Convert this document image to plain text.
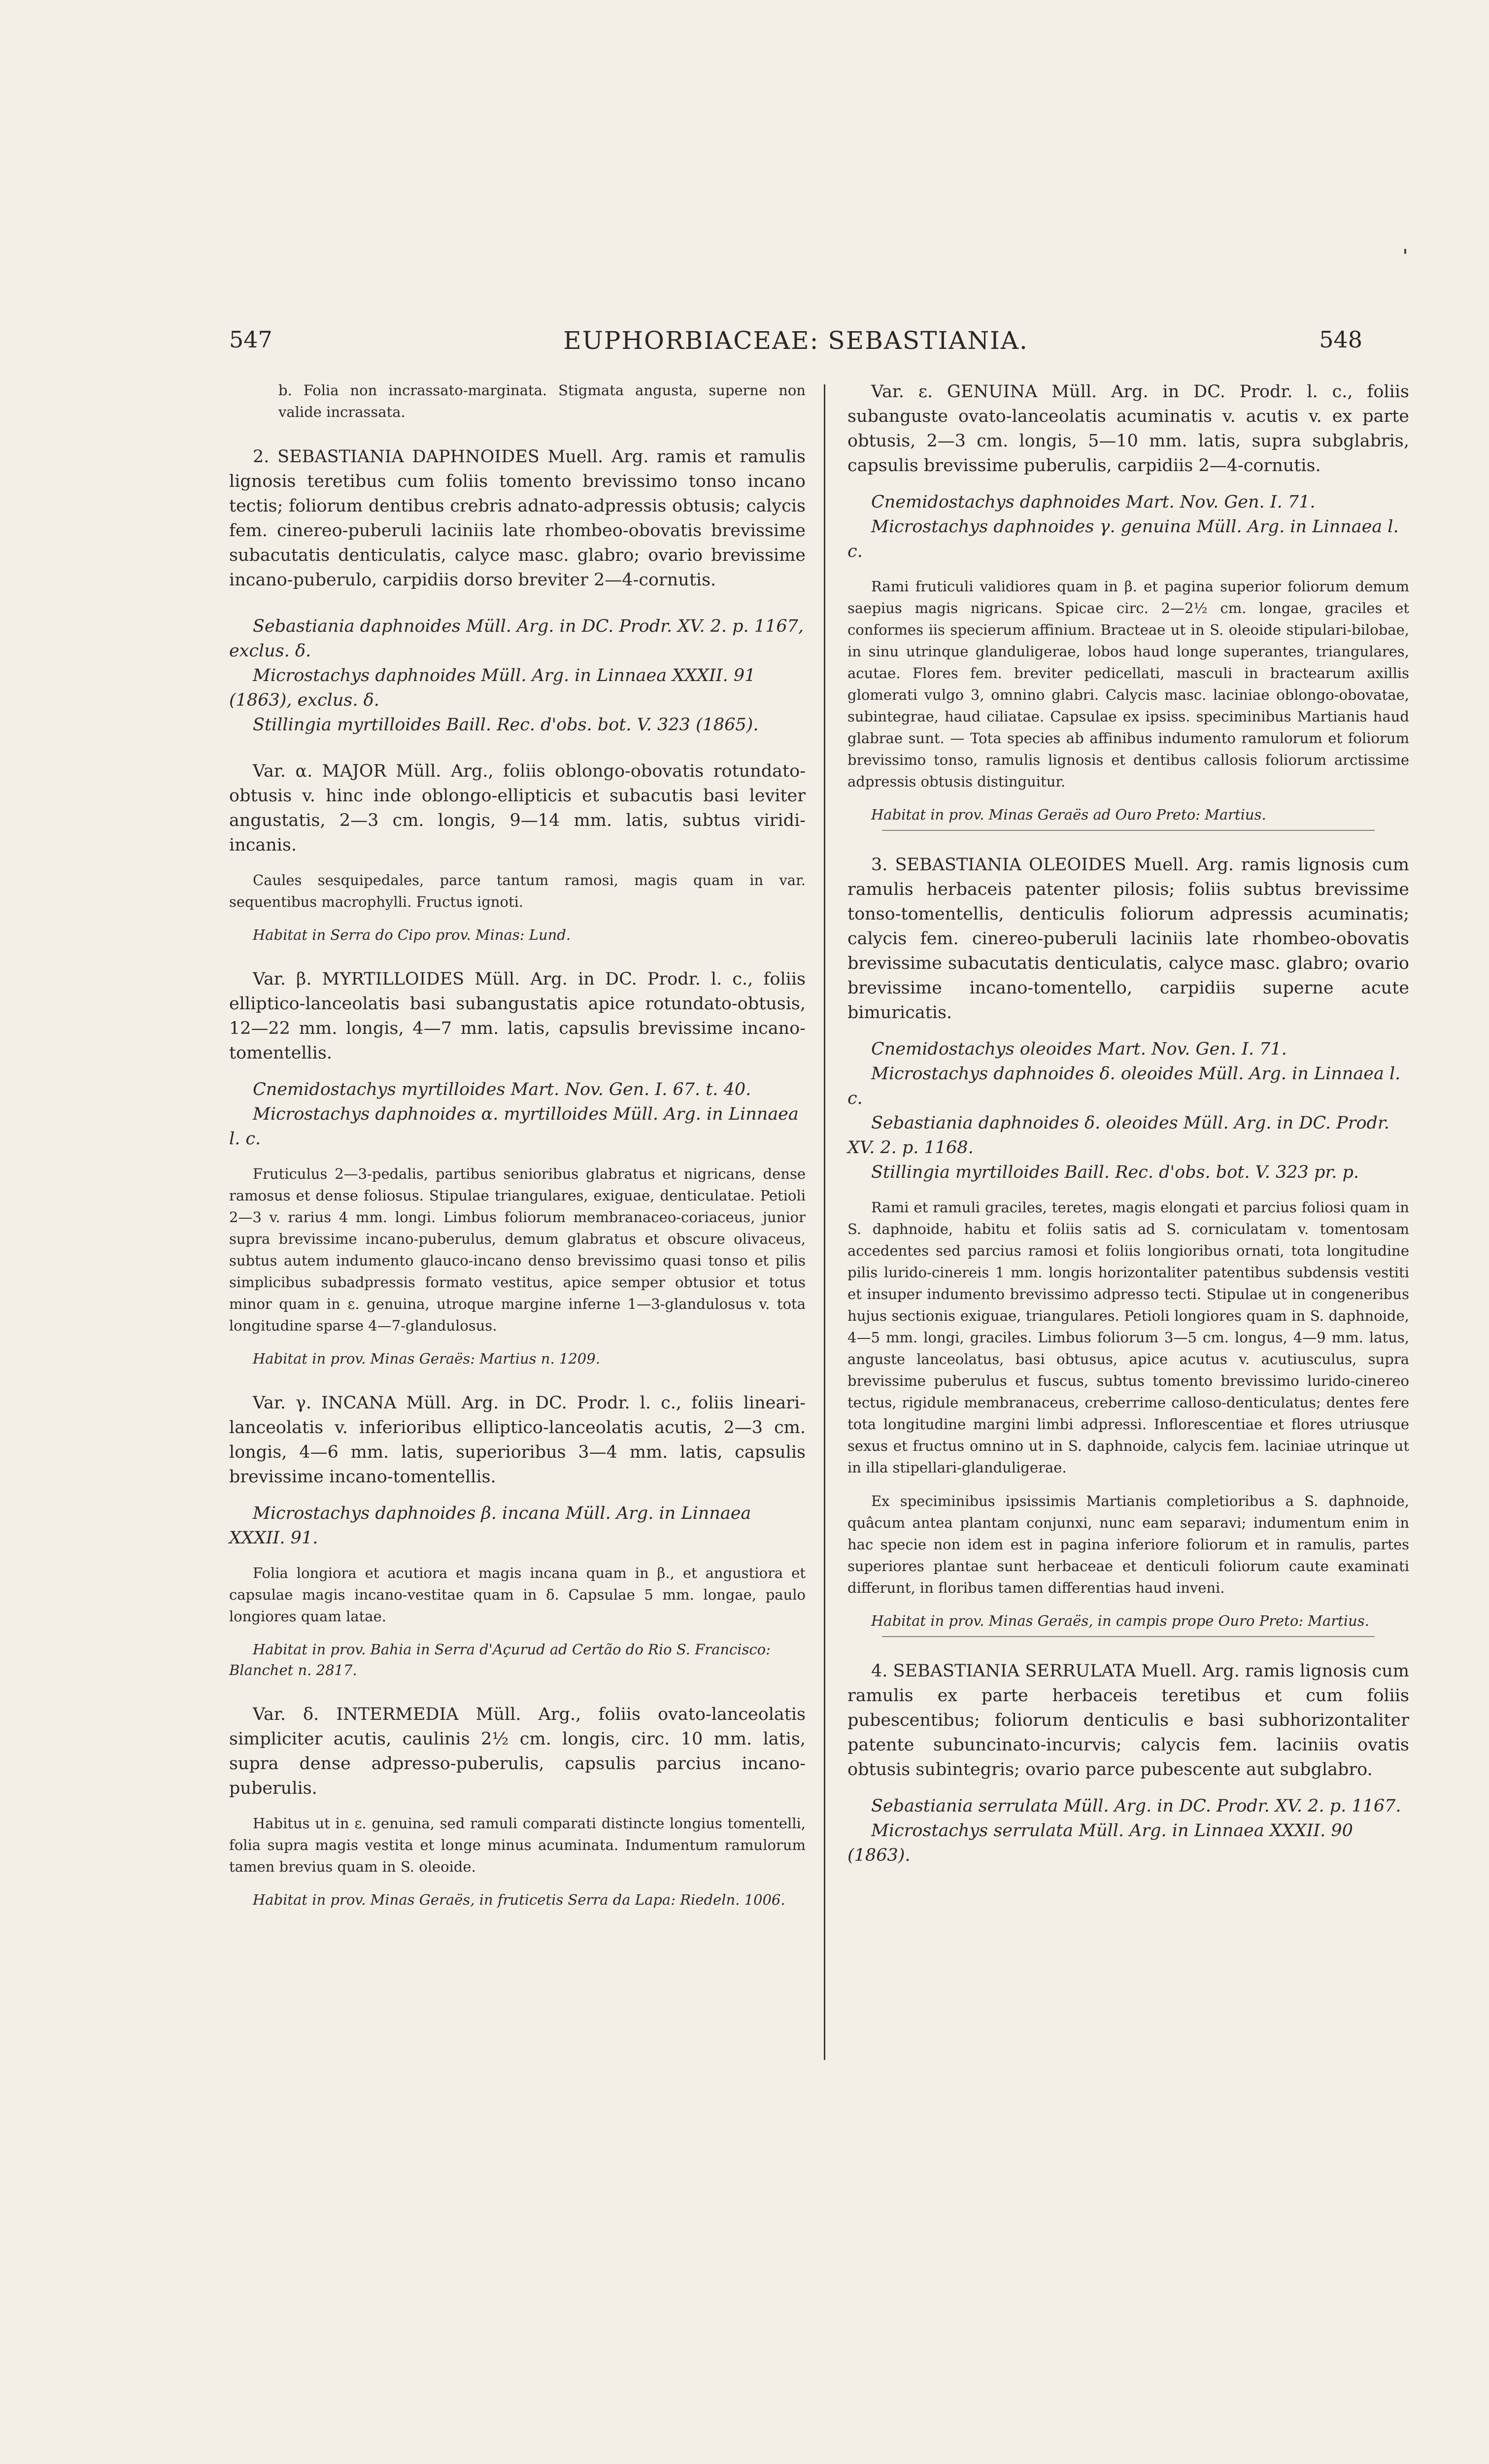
547	EUPHORBIACEAE: SEBASTIANIA.	548

b. Folia non incrassato-marginata. Stigmata angusta, superne non valide incrassata.

2. SEBASTIANIA DAPHNOIDES Muell. Arg. ramis et ramulis lignosis teretibus cum foliis tomento brevissimo tonso incano tectis; foliorum dentibus crebris adnato-adpressis obtusis; calycis fem. cinereo-puberuli laciniis late rhombeo-obovatis brevissime subacutatis denticulatis, calyce masc. glabro; ovario brevissime incano-puberulo, carpidiis dorso breviter 2—4-cornutis.

Sebastiania daphnoides Müll. Arg. in DC. Prodr. XV. 2. p. 1167, exclus. δ.

Microstachys daphnoides Müll. Arg. in Linnaea XXXII. 91 (1863), exclus. δ.

Stillingia myrtilloides Baill. Rec. d'obs. bot. V. 323 (1865).

Var. α. MAJOR Müll. Arg., foliis oblongo-obovatis rotundato-obtusis v. hinc inde oblongo-ellipticis et subacutis basi leviter angustatis, 2—3 cm. longis, 9—14 mm. latis, subtus viridi-incanis.

Caules sesquipedales, parce tantum ramosi, magis quam in var. sequentibus macrophylli. Fructus ignoti.

Habitat in Serra do Cipo prov. Minas: Lund.

Var. β. MYRTILLOIDES Müll. Arg. in DC. Prodr. l. c., foliis elliptico-lanceolatis basi subangustatis apice rotundato-obtusis, 12—22 mm. longis, 4—7 mm. latis, capsulis brevissime incano-tomentellis.

Cnemidostachys myrtilloides Mart. Nov. Gen. I. 67. t. 40.

Microstachys daphnoides α. myrtilloides Müll. Arg. in Linnaea l. c.

Fruticulus 2—3-pedalis, partibus senioribus glabratus et nigricans, dense ramosus et dense foliosus. Stipulae triangulares, exiguae, denticulatae. Petioli 2—3 v. rarius 4 mm. longi. Limbus foliorum membranaceo-coriaceus, junior supra brevissime incano-puberulus, demum glabratus et obscure olivaceus, subtus autem indumento glauco-incano denso brevissimo quasi tonso et pilis simplicibus subadpressis formato vestitus, apice semper obtusior et totus minor quam in ε. genuina, utroque margine inferne 1—3-glandulosus v. tota longitudine sparse 4—7-glandulosus.

Habitat in prov. Minas Geraës: Martius n. 1209.

Var. γ. INCANA Müll. Arg. in DC. Prodr. l. c., foliis lineari-lanceolatis v. inferioribus elliptico-lanceolatis acutis, 2—3 cm. longis, 4—6 mm. latis, superioribus 3—4 mm. latis, capsulis brevissime incano-tomentellis.

Microstachys daphnoides β. incana Müll. Arg. in Linnaea XXXII. 91.

Folia longiora et acutiora et magis incana quam in β., et angustiora et capsulae magis incano-vestitae quam in δ. Capsulae 5 mm. longae, paulo longiores quam latae.

Habitat in prov. Bahia in Serra d'Açurud ad Certão do Rio S. Francisco: Blanchet n. 2817.

Var. δ. INTERMEDIA Müll. Arg., foliis ovato-lanceolatis simpliciter acutis, caulinis 2½ cm. longis, circ. 10 mm. latis, supra dense adpresso-puberulis, capsulis parcius incano-puberulis.

Habitus ut in ε. genuina, sed ramuli comparati distincte longius tomentelli, folia supra magis vestita et longe minus acuminata. Indumentum ramulorum tamen brevius quam in S. oleoide.

Habitat in prov. Minas Geraës, in fruticetis Serra da Lapa: Riedeln. 1006.

Var. ε. GENUINA Müll. Arg. in DC. Prodr. l. c., foliis subanguste ovato-lanceolatis acuminatis v. acutis v. ex parte obtusis, 2—3 cm. longis, 5—10 mm. latis, supra subglabris, capsulis brevissime puberulis, carpidiis 2—4-cornutis.

Cnemidostachys daphnoides Mart. Nov. Gen. I. 71.

Microstachys daphnoides γ. genuina Müll. Arg. in Linnaea l. c.

Rami fruticuli validiores quam in β. et pagina superior foliorum demum saepius magis nigricans. Spicae circ. 2—2½ cm. longae, graciles et conformes iis specierum affinium. Bracteae ut in S. oleoide stipulari-bilobae, in sinu utrinque glanduligerae, lobos haud longe superantes, triangulares, acutae. Flores fem. breviter pedicellati, masculi in bractearum axillis glomerati vulgo 3, omnino glabri. Calycis masc. laciniae oblongo-obovatae, subintegrae, haud ciliatae. Capsulae ex ipsiss. speciminibus Martianis haud glabrae sunt. — Tota species ab affinibus indumento ramulorum et foliorum brevissimo tonso, ramulis lignosis et dentibus callosis foliorum arctissime adpressis obtusis distinguitur.

Habitat in prov. Minas Geraës ad Ouro Preto: Martius.

3. SEBASTIANIA OLEOIDES Muell. Arg. ramis lignosis cum ramulis herbaceis patenter pilosis; foliis subtus brevissime tonso-tomentellis, denticulis foliorum adpressis acuminatis; calycis fem. cinereo-puberuli laciniis late rhombeo-obovatis brevissime subacutatis denticulatis, calyce masc. glabro; ovario brevissime incano-tomentello, carpidiis superne acute bimuricatis.

Cnemidostachys oleoides Mart. Nov. Gen. I. 71.

Microstachys daphnoides δ. oleoides Müll. Arg. in Linnaea l. c.

Sebastiania daphnoides δ. oleoides Müll. Arg. in DC. Prodr. XV. 2. p. 1168.

Stillingia myrtilloides Baill. Rec. d'obs. bot. V. 323 pr. p.

Rami et ramuli graciles, teretes, magis elongati et parcius foliosi quam in S. daphnoide, habitu et foliis satis ad S. corniculatam v. tomentosam accedentes sed parcius ramosi et foliis longioribus ornati, tota longitudine pilis lurido-cinereis 1 mm. longis horizontaliter patentibus subdensis vestiti et insuper indumento brevissimo adpresso tecti. Stipulae ut in congeneribus hujus sectionis exiguae, triangulares. Petioli longiores quam in S. daphnoide, 4—5 mm. longi, graciles. Limbus foliorum 3—5 cm. longus, 4—9 mm. latus, anguste lanceolatus, basi obtusus, apice acutus v. acutiusculus, supra brevissime puberulus et fuscus, subtus tomento brevissimo lurido-cinereo tectus, rigidule membranaceus, creberrime calloso-denticulatus; dentes fere tota longitudine margini limbi adpressi. Inflorescentiae et flores utriusque sexus et fructus omnino ut in S. daphnoide, calycis fem. laciniae utrinque ut in illa stipellari-glanduligerae.

Ex speciminibus ipsissimis Martianis completioribus a S. daphnoide, quâcum antea plantam conjunxi, nunc eam separavi; indumentum enim in hac specie non idem est in pagina inferiore foliorum et in ramulis, partes superiores plantae sunt herbaceae et denticuli foliorum caute examinati differunt, in floribus tamen differentias haud inveni.

Habitat in prov. Minas Geraës, in campis prope Ouro Preto: Martius.

4. SEBASTIANIA SERRULATA Muell. Arg. ramis lignosis cum ramulis ex parte herbaceis teretibus et cum foliis pubescentibus; foliorum denticulis e basi subhorizontaliter patente subuncinato-incurvis; calycis fem. laciniis ovatis obtusis subintegris; ovario parce pubescente aut subglabro.

Sebastiania serrulata Müll. Arg. in DC. Prodr. XV. 2. p. 1167.

Microstachys serrulata Müll. Arg. in Linnaea XXXII. 90 (1863).
